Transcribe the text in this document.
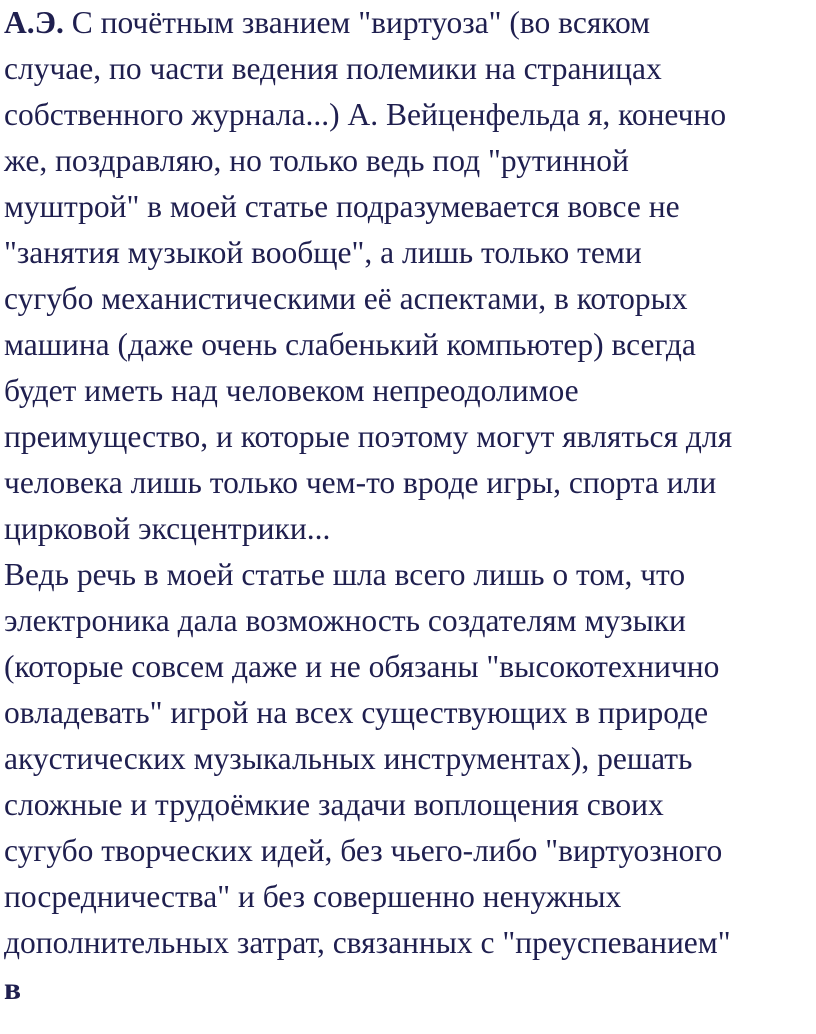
А.Э. С почётным званием "виртуоза" (во всяком
случае, по части ведения полемики на страницах
собственного журнала...) А. Вейценфельда я, конечно
же, поздравляю, но только ведь под "рутинной
муштрой" в моей статье подразумевается вовсе не
"занятия музыкой вообще", а лишь только теми
сугубо механистическими её аспектами, в которых
машина (даже очень слабенький компьютер) всегда
будет иметь над человеком непреодолимое
преимущество, и которые поэтому могут являться для
человека лишь только чем-то вроде игры, спорта или
цирковой эксцентрики...
Ведь речь в моей статье шла всего лишь о том, что
электроника дала возможность создателям музыки
(которые совсем даже и не обязаны "высокотехнично
овладевать" игрой на всех существующих в природе
акустических музыкальных инструментах), решать
сложные и трудоёмкие задачи воплощения своих
сугубо творческих идей, без чьего-либо "виртуозного
посредничества" и без совершенно ненужных
дополнительных затрат, связанных с "преуспеванием"
в
